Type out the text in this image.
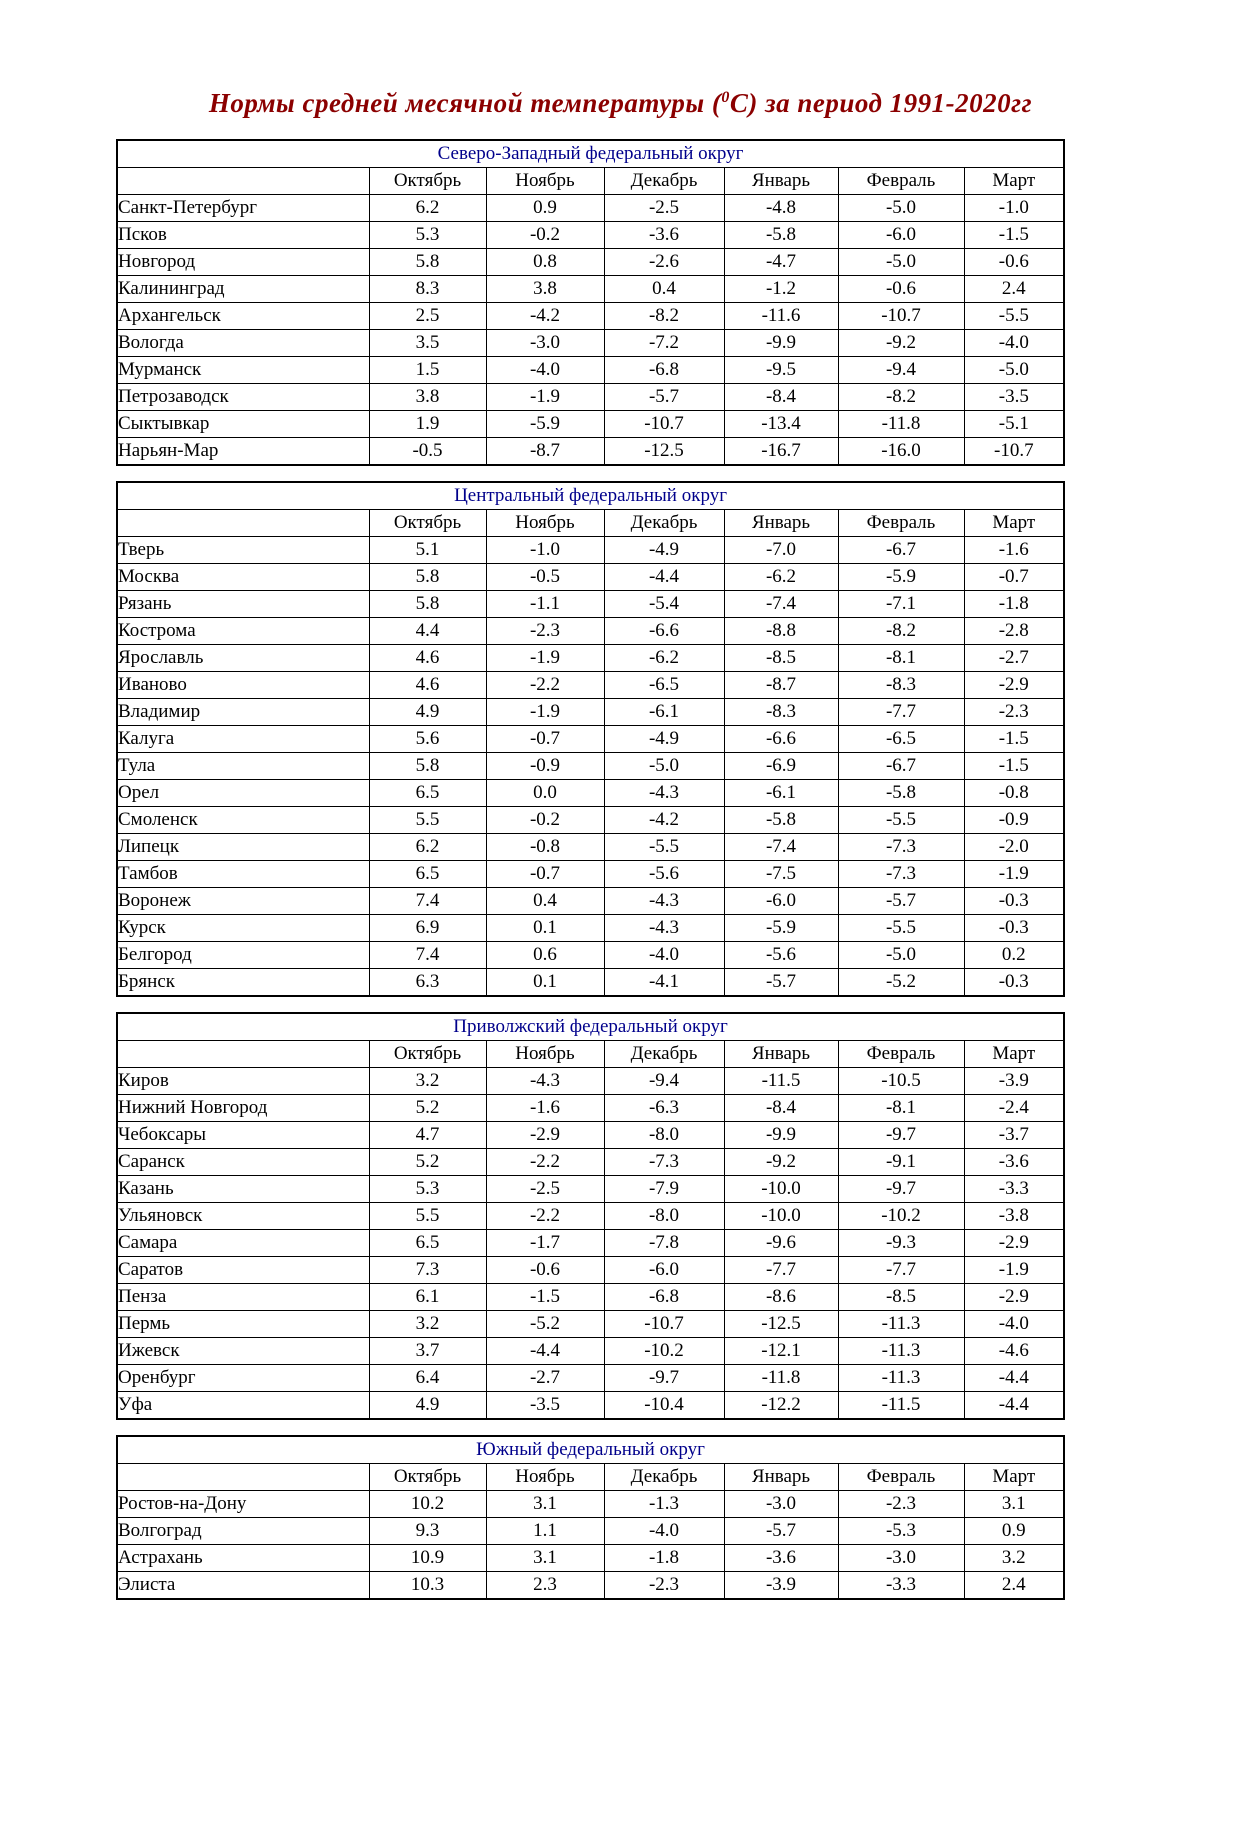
Нормы средней месячной температуры ($^0$С) за период 1991-2020гг
Северо-Западный федеральный округ						
	Октябрь	Ноябрь	Декабрь	Январь	Февраль	Март
Санкт-Петербург	6.2	0.9	-2.5	-4.8	-5.0	-1.0
Псков	5.3	-0.2	-3.6	-5.8	-6.0	-1.5
Новгород	5.8	0.8	-2.6	-4.7	-5.0	-0.6
Калининград	8.3	3.8	0.4	-1.2	-0.6	2.4
Архангельск	2.5	-4.2	-8.2	-11.6	-10.7	-5.5
Вологда	3.5	-3.0	-7.2	-9.9	-9.2	-4.0
Мурманск	1.5	-4.0	-6.8	-9.5	-9.4	-5.0
Петрозаводск	3.8	-1.9	-5.7	-8.4	-8.2	-3.5
Сыктывкар	1.9	-5.9	-10.7	-13.4	-11.8	-5.1
Нарьян-Мар	-0.5	-8.7	-12.5	-16.7	-16.0	-10.7
Центральный федеральный округ						
	Октябрь	Ноябрь	Декабрь	Январь	Февраль	Март
Тверь	5.1	-1.0	-4.9	-7.0	-6.7	-1.6
Москва	5.8	-0.5	-4.4	-6.2	-5.9	-0.7
Рязань	5.8	-1.1	-5.4	-7.4	-7.1	-1.8
Кострома	4.4	-2.3	-6.6	-8.8	-8.2	-2.8
Ярославль	4.6	-1.9	-6.2	-8.5	-8.1	-2.7
Иваново	4.6	-2.2	-6.5	-8.7	-8.3	-2.9
Владимир	4.9	-1.9	-6.1	-8.3	-7.7	-2.3
Калуга	5.6	-0.7	-4.9	-6.6	-6.5	-1.5
Тула	5.8	-0.9	-5.0	-6.9	-6.7	-1.5
Орел	6.5	0.0	-4.3	-6.1	-5.8	-0.8
Смоленск	5.5	-0.2	-4.2	-5.8	-5.5	-0.9
Липецк	6.2	-0.8	-5.5	-7.4	-7.3	-2.0
Тамбов	6.5	-0.7	-5.6	-7.5	-7.3	-1.9
Воронеж	7.4	0.4	-4.3	-6.0	-5.7	-0.3
Курск	6.9	0.1	-4.3	-5.9	-5.5	-0.3
Белгород	7.4	0.6	-4.0	-5.6	-5.0	0.2
Брянск	6.3	0.1	-4.1	-5.7	-5.2	-0.3
Приволжский федеральный округ						
	Октябрь	Ноябрь	Декабрь	Январь	Февраль	Март
Киров	3.2	-4.3	-9.4	-11.5	-10.5	-3.9
Нижний Новгород	5.2	-1.6	-6.3	-8.4	-8.1	-2.4
Чебоксары	4.7	-2.9	-8.0	-9.9	-9.7	-3.7
Саранск	5.2	-2.2	-7.3	-9.2	-9.1	-3.6
Казань	5.3	-2.5	-7.9	-10.0	-9.7	-3.3
Ульяновск	5.5	-2.2	-8.0	-10.0	-10.2	-3.8
Самара	6.5	-1.7	-7.8	-9.6	-9.3	-2.9
Саратов	7.3	-0.6	-6.0	-7.7	-7.7	-1.9
Пенза	6.1	-1.5	-6.8	-8.6	-8.5	-2.9
Пермь	3.2	-5.2	-10.7	-12.5	-11.3	-4.0
Ижевск	3.7	-4.4	-10.2	-12.1	-11.3	-4.6
Оренбург	6.4	-2.7	-9.7	-11.8	-11.3	-4.4
Уфа	4.9	-3.5	-10.4	-12.2	-11.5	-4.4
Южный федеральный округ						
	Октябрь	Ноябрь	Декабрь	Январь	Февраль	Март
Ростов-на-Дону	10.2	3.1	-1.3	-3.0	-2.3	3.1
Волгоград	9.3	1.1	-4.0	-5.7	-5.3	0.9
Астрахань	10.9	3.1	-1.8	-3.6	-3.0	3.2
Элиста	10.3	2.3	-2.3	-3.9	-3.3	2.4
